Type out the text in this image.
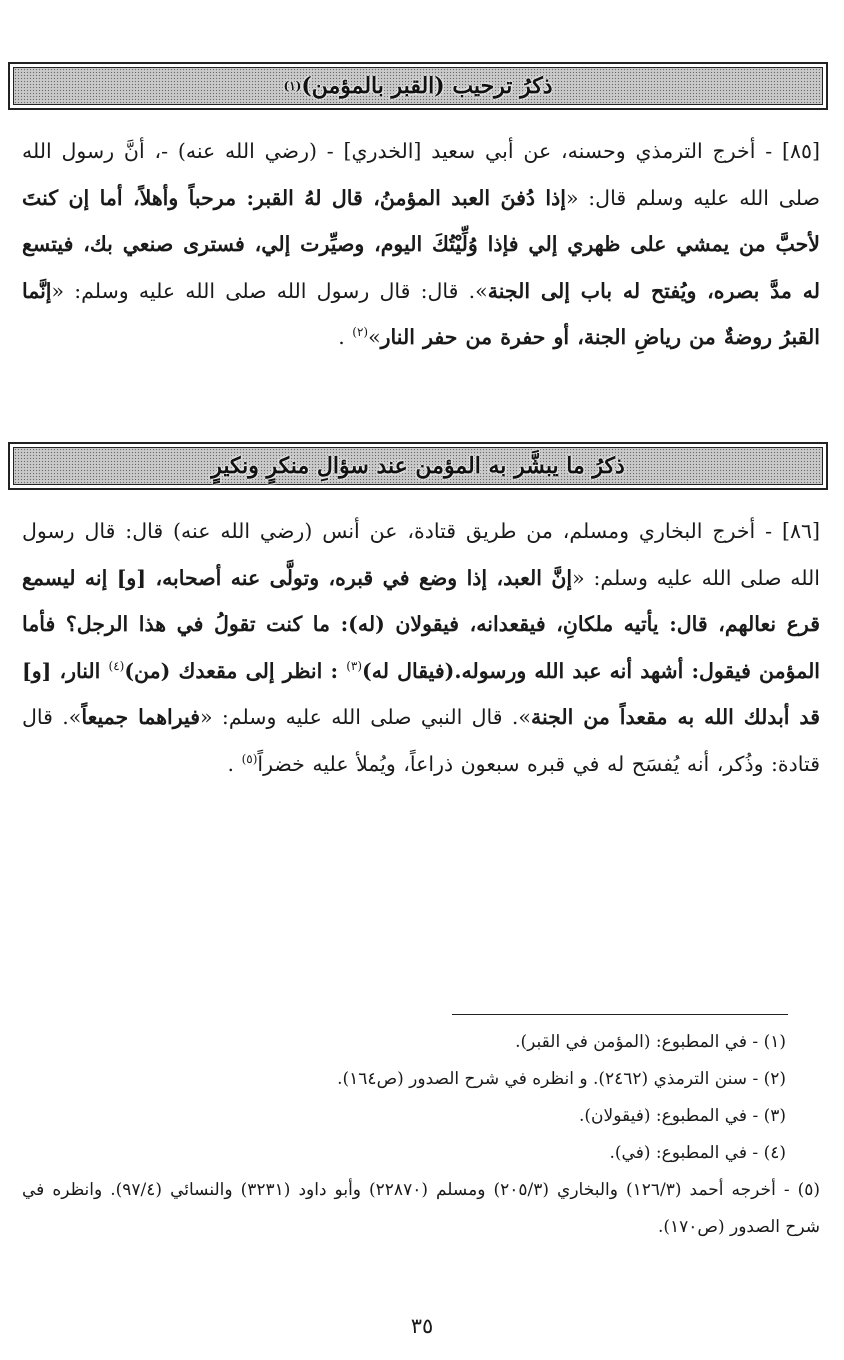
ذكرُ ترحيب (القبر بالمؤمن)
(١)

[٨٥] - أخرج الترمذي وحسنه، عن أبي سعيد [الخدري] - (رضي الله عنه) -، أنَّ رسول الله صلى الله عليه وسلم قال: «إذا دُفنَ العبد المؤمنُ، قال لهُ القبر: مرحباً وأهلاً، أما إن كنتَ لأحبَّ من يمشي على ظهري إلي فإذا وُلِّيْتُكَ اليوم، وصيِّرت إلي، فسترى صنعي بك، فيتسع له مدَّ بصره، ويُفتح له باب إلى الجنة». قال: قال رسول الله صلى الله عليه وسلم: «إنَّما القبرُ روضةٌ من رياضِ الجنة، أو حفرة من حفر النار»$^{(٢)}$ .

ذكرُ ما يبشَّر به المؤمن عند سؤالِ منكرٍ ونكيرٍ

[٨٦] - أخرج البخاري ومسلم، من طريق قتادة، عن أنس (رضي الله عنه) قال: قال رسول الله صلى الله عليه وسلم: «إنَّ العبد، إذا وضع في قبره، وتولَّى عنه أصحابه، [و] إنه ليسمع قرع نعالهم، قال: يأتيه ملكانِ، فيقعدانه، فيقولان (له): ما كنت تقولُ في هذا الرجل؟ فأما المؤمن فيقول: أشهد أنه عبد الله ورسوله.(فيقال له)$^{(٣)}$ : انظر إلى مقعدك (من)$^{(٤)}$ النار، [و] قد أبدلك الله به مقعداً من الجنة». قال النبي صلى الله عليه وسلم: «فيراهما جميعاً». قال قتادة: وذُكر، أنه يُفسَح له في قبره سبعون ذراعاً، ويُملأ عليه خضراً$^{(٥)}$ .

(١) - في المطبوع: (المؤمن في القبر).
(٢) - سنن الترمذي (٢٤٦٢). و انظره في شرح الصدور (ص١٦٤).
(٣) - في المطبوع: (فيقولان).
(٤) - في المطبوع: (في).
(٥) - أخرجه أحمد (١٢٦/٣) والبخاري (٢٠٥/٣) ومسلم (٢٢٨٧٠) وأبو داود (٣٢٣١) والنسائي (٩٧/٤). وانظره في شرح الصدور (ص١٧٠).
٣٥
